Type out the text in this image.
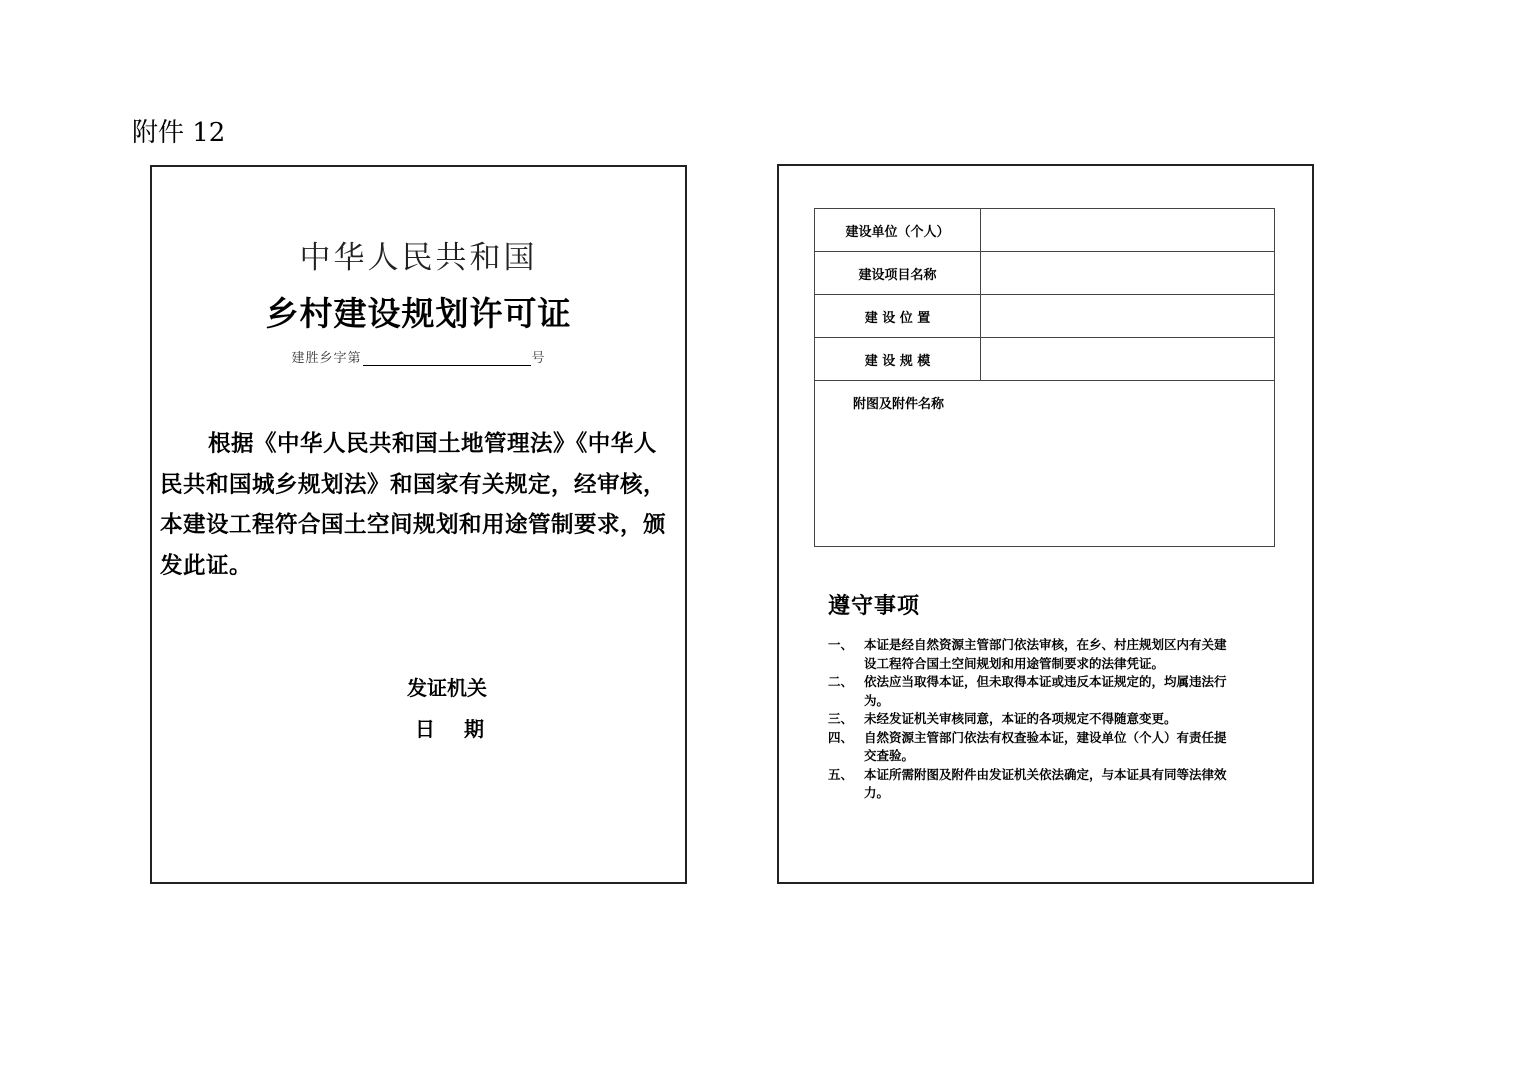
附件 12
中华人民共和国
乡村建设规划许可证
建胜乡字第	号
根据《中华人民共和国土地管理法》《中华人民共和国城乡规划法》和国家有关规定，经审核，本建设工程符合国土空间规划和用途管制要求，颁发此证。
发证机关
日 期
建设单位（个人）	
建设项目名称	
建 设 位 置	
建 设 规 模	
附图及附件名称	
遵守事项
一、 本证是经自然资源主管部门依法审核，在乡、村庄规划区内有关建
设工程符合国土空间规划和用途管制要求的法律凭证。
二、 依法应当取得本证，但未取得本证或违反本证规定的，均属违法行
为。
三、 未经发证机关审核同意，本证的各项规定不得随意变更。
四、 自然资源主管部门依法有权查验本证，建设单位（个人）有责任提
交查验。
五、 本证所需附图及附件由发证机关依法确定，与本证具有同等法律效
力。
